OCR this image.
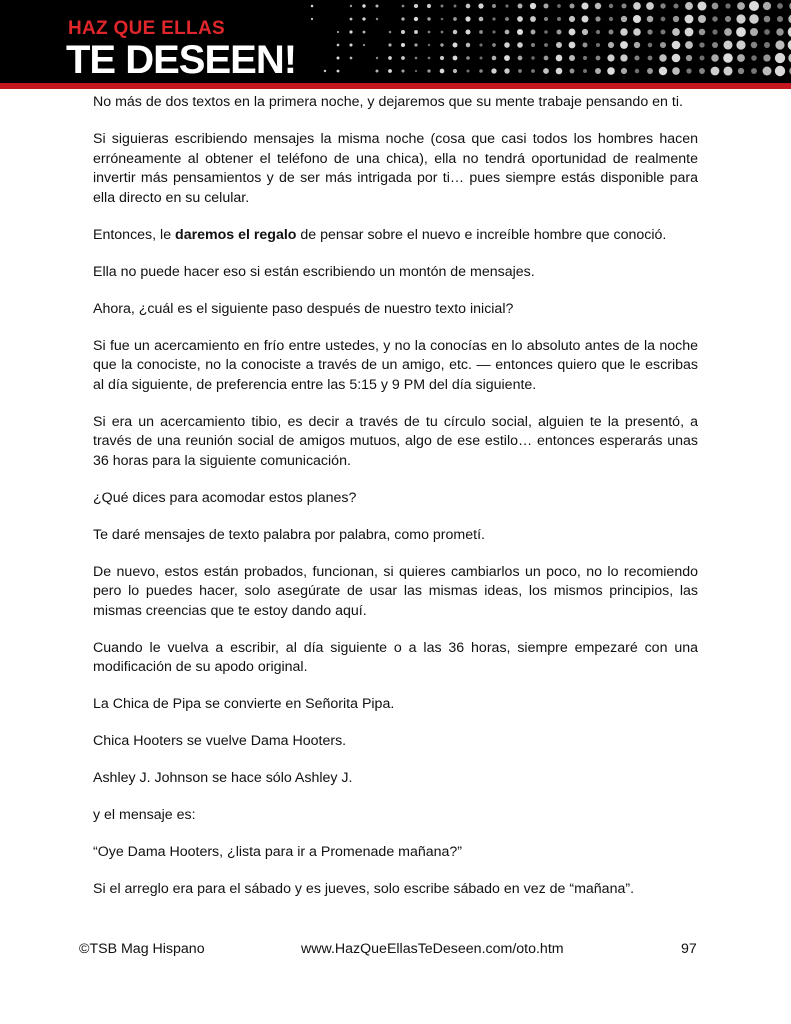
HAZ QUE ELLAS
TE DESEEN!

No más de dos textos en la primera noche, y dejaremos que su mente trabaje pensando en ti.

Si siguieras escribiendo mensajes la misma noche (cosa que casi todos los hombres hacen erróneamente al obtener el teléfono de una chica), ella no tendrá oportunidad de realmente invertir más pensamientos y de ser más intrigada por ti… pues siempre estás disponible para ella directo en su celular.

Entonces, le daremos el regalo de pensar sobre el nuevo e increíble hombre que conoció.

Ella no puede hacer eso si están escribiendo un montón de mensajes.

Ahora, ¿cuál es el siguiente paso después de nuestro texto inicial?

Si fue un acercamiento en frío entre ustedes, y no la conocías en lo absoluto antes de la noche que la conociste, no la conociste a través de un amigo, etc. — entonces quiero que le escribas al día siguiente, de preferencia entre las 5:15 y 9 PM del día siguiente.

Si era un acercamiento tibio, es decir a través de tu círculo social, alguien te la presentó, a través de una reunión social de amigos mutuos, algo de ese estilo… entonces esperarás unas 36 horas para la siguiente comunicación.

¿Qué dices para acomodar estos planes?

Te daré mensajes de texto palabra por palabra, como prometí.

De nuevo, estos están probados, funcionan, si quieres cambiarlos un poco, no lo recomiendo pero lo puedes hacer, solo asegúrate de usar las mismas ideas, los mismos principios, las mismas creencias que te estoy dando aquí.

Cuando le vuelva a escribir, al día siguiente o a las 36 horas, siempre empezaré con una modificación de su apodo original.

La Chica de Pipa se convierte en Señorita Pipa.

Chica Hooters se vuelve Dama Hooters.

Ashley J. Johnson se hace sólo Ashley J.

y el mensaje es:

“Oye Dama Hooters, ¿lista para ir a Promenade mañana?”

Si el arreglo era para el sábado y es jueves, solo escribe sábado en vez de “mañana”.

©TSB Mag Hispano	www.HazQueEllasTeDeseen.com/oto.htm	97
